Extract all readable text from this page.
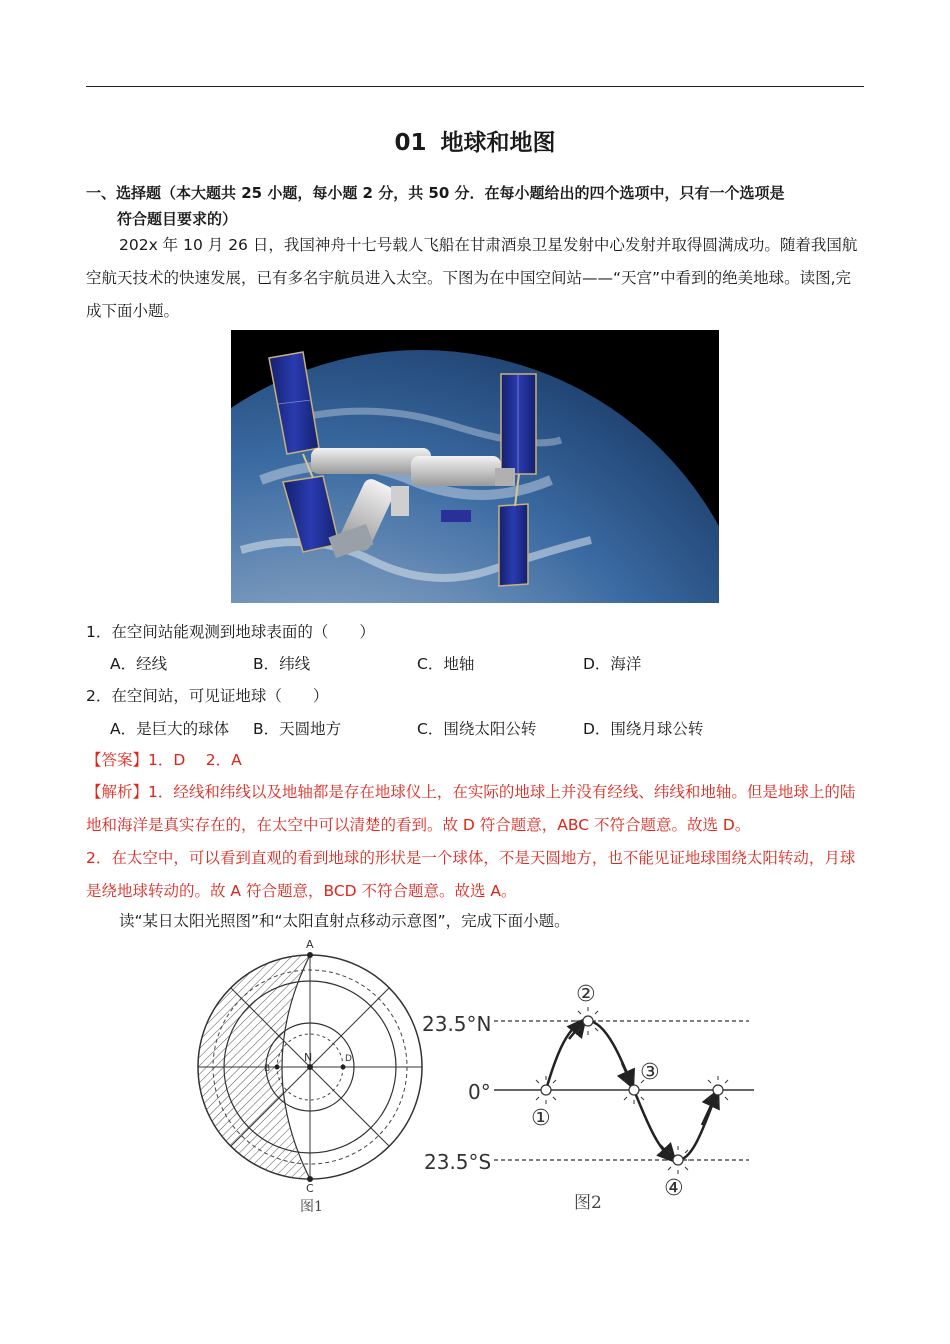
01 地球和地图
一、选择题（本大题共 25 小题，每小题 2 分，共 50 分．在每小题给出的四个选项中，只有一个选项是
符合题目要求的）
202x 年 10 月 26 日，我国神舟十七号载人飞船在甘肃酒泉卫星发射中心发射并取得圆满成功。随着我国航空航天技术的快速发展，已有多名宇航员进入太空。下图为在中国空间站——“天宫”中看到的绝美地球。读图,完成下面小题。
1．在空间站能观测到地球表面的（　　）
A．经线	B．纬线	C．地轴	D．海洋
2．在空间站，可见证地球（　　）
A．是巨大的球体 B．天圆地方	C．围绕太阳公转	D．围绕月球公转
【答案】1．D　 2．A
【解析】1．经线和纬线以及地轴都是存在地球仪上，在实际的地球上并没有经线、纬线和地轴。但是地球上的陆地和海洋是真实存在的，在太空中可以清楚的看到。故 D 符合题意，ABC 不符合题意。故选 D。
2．在太空中，可以看到直观的看到地球的形状是一个球体，不是天圆地方，也不能见证地球围绕太阳转动，月球是绕地球转动的。故 A 符合题意，BCD 不符合题意。故选 A。
读“某日太阳光照图”和“太阳直射点移动示意图”，完成下面小题。
A
C
N
B
D
图1
23.5°N
0°
23.5°S
①
②
③
④
图2
